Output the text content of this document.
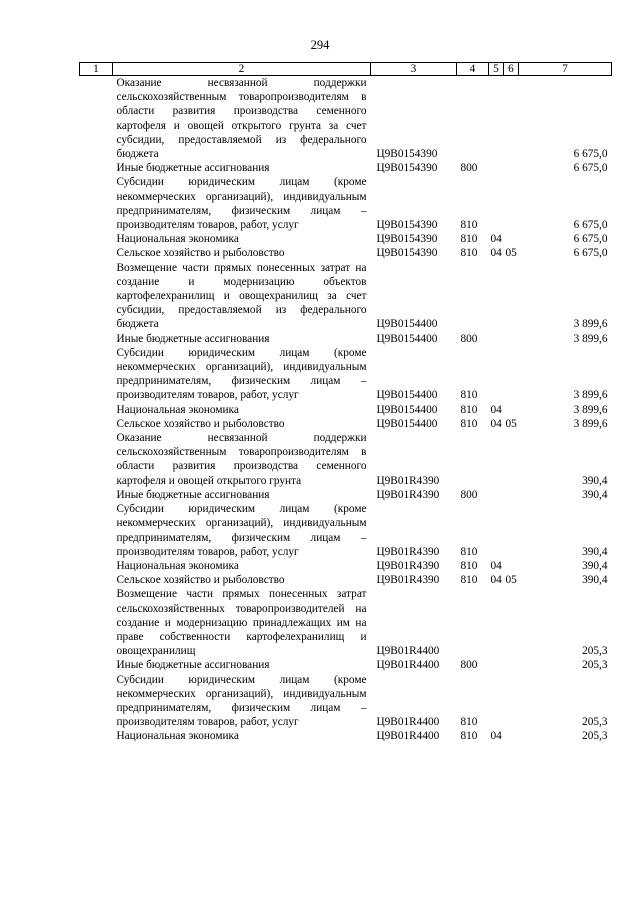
294
1	2	3	4	5	6	7
	Оказание несвязанной поддержки сельскохозяйственным товаропроизводителям в области развития производства семенного картофеля и овощей открытого грунта за счет субсидии, предоставляемой из федерального бюджета	Ц9В0154390				6 675,0
	Иные бюджетные ассигнования	Ц9В0154390	800			6 675,0
	Субсидии юридическим лицам (кроме некоммерческих организаций), индивидуальным предпринимателям, физическим лицам – производителям товаров, работ, услуг	Ц9В0154390	810			6 675,0
	Национальная экономика	Ц9В0154390	810	04		6 675,0
	Сельское хозяйство и рыболовство	Ц9В0154390	810	04	05	6 675,0
	Возмещение части прямых понесенных затрат на создание и модернизацию объектов картофелехранилищ и овощехранилищ за счет субсидии, предоставляемой из федерального бюджета	Ц9В0154400				3 899,6
	Иные бюджетные ассигнования	Ц9В0154400	800			3 899,6
	Субсидии юридическим лицам (кроме некоммерческих организаций), индивидуальным предпринимателям, физическим лицам – производителям товаров, работ, услуг	Ц9В0154400	810			3 899,6
	Национальная экономика	Ц9В0154400	810	04		3 899,6
	Сельское хозяйство и рыболовство	Ц9В0154400	810	04	05	3 899,6
	Оказание несвязанной поддержки сельскохозяйственным товаропроизводителям в области развития производства семенного картофеля и овощей открытого грунта	Ц9В01R4390				390,4
	Иные бюджетные ассигнования	Ц9В01R4390	800			390,4
	Субсидии юридическим лицам (кроме некоммерческих организаций), индивидуальным предпринимателям, физическим лицам – производителям товаров, работ, услуг	Ц9В01R4390	810			390,4
	Национальная экономика	Ц9В01R4390	810	04		390,4
	Сельское хозяйство и рыболовство	Ц9В01R4390	810	04	05	390,4
	Возмещение части прямых понесенных затрат сельскохозяйственных товаропроизводителей на создание и модернизацию принадлежащих им на праве собственности картофелехранилищ и овощехранилищ	Ц9В01R4400				205,3
	Иные бюджетные ассигнования	Ц9В01R4400	800			205,3
	Субсидии юридическим лицам (кроме некоммерческих организаций), индивидуальным предпринимателям, физическим лицам – производителям товаров, работ, услуг	Ц9В01R4400	810			205,3
	Национальная экономика	Ц9В01R4400	810	04		205,3
